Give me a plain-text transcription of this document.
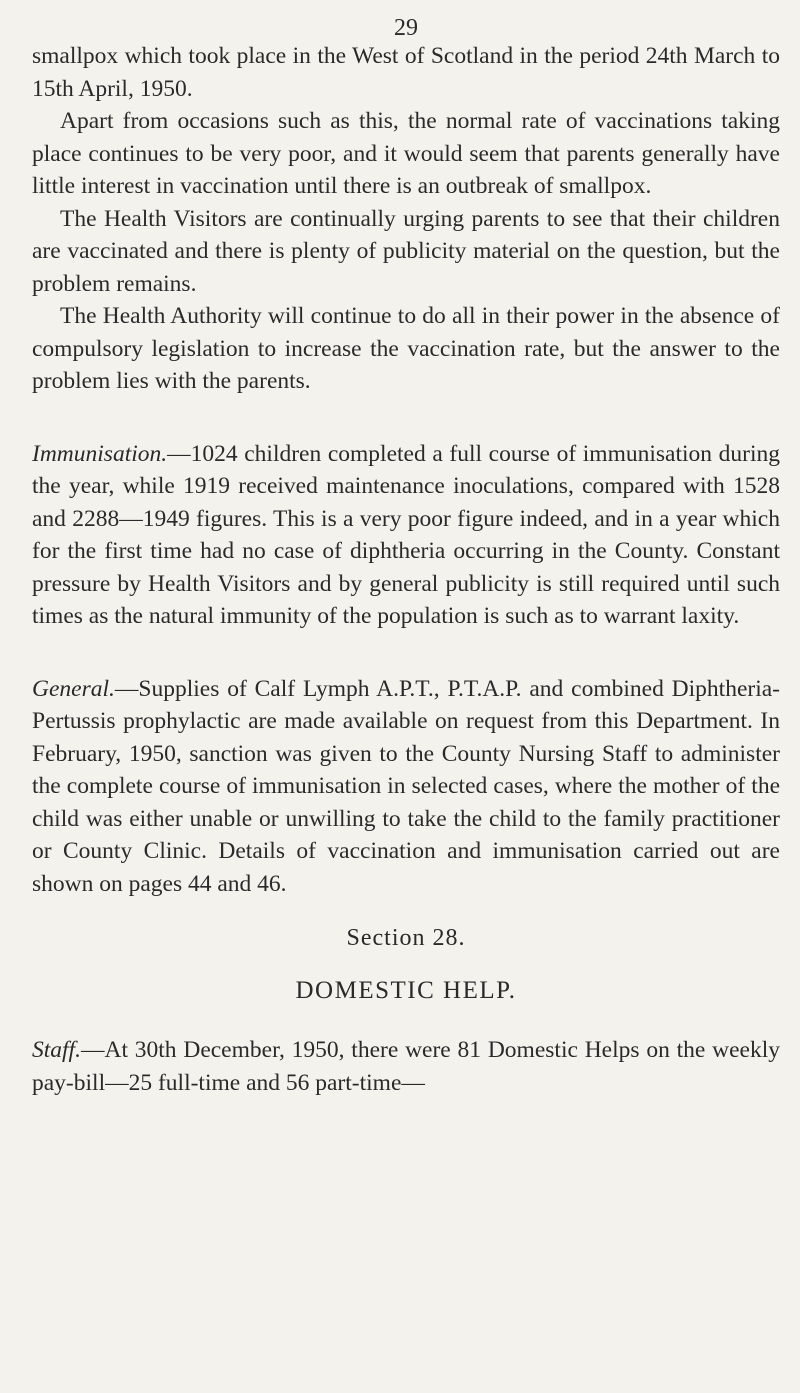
29

smallpox which took place in the West of Scotland in the period 24th March to 15th April, 1950.

Apart from occasions such as this, the normal rate of vaccinations taking place continues to be very poor, and it would seem that parents generally have little interest in vaccination until there is an outbreak of smallpox.

The Health Visitors are continually urging parents to see that their children are vaccinated and there is plenty of publicity material on the question, but the problem remains.

The Health Authority will continue to do all in their power in the absence of compulsory legislation to increase the vaccination rate, but the answer to the problem lies with the parents.

Immunisation.—1024 children completed a full course of immunisation during the year, while 1919 received maintenance inoculations, compared with 1528 and 2288—1949 figures. This is a very poor figure indeed, and in a year which for the first time had no case of diphtheria occurring in the County. Constant pressure by Health Visitors and by general publicity is still required until such times as the natural immunity of the population is such as to warrant laxity.

General.—Supplies of Calf Lymph A.P.T., P.T.A.P. and combined Diphtheria-Pertussis prophylactic are made available on request from this Department. In February, 1950, sanction was given to the County Nursing Staff to administer the complete course of immunisation in selected cases, where the mother of the child was either unable or unwilling to take the child to the family practitioner or County Clinic. Details of vaccination and immunisation carried out are shown on pages 44 and 46.

Section 28.
DOMESTIC HELP.

Staff.—At 30th December, 1950, there were 81 Domestic Helps on the weekly pay-bill—25 full-time and 56 part-time—
